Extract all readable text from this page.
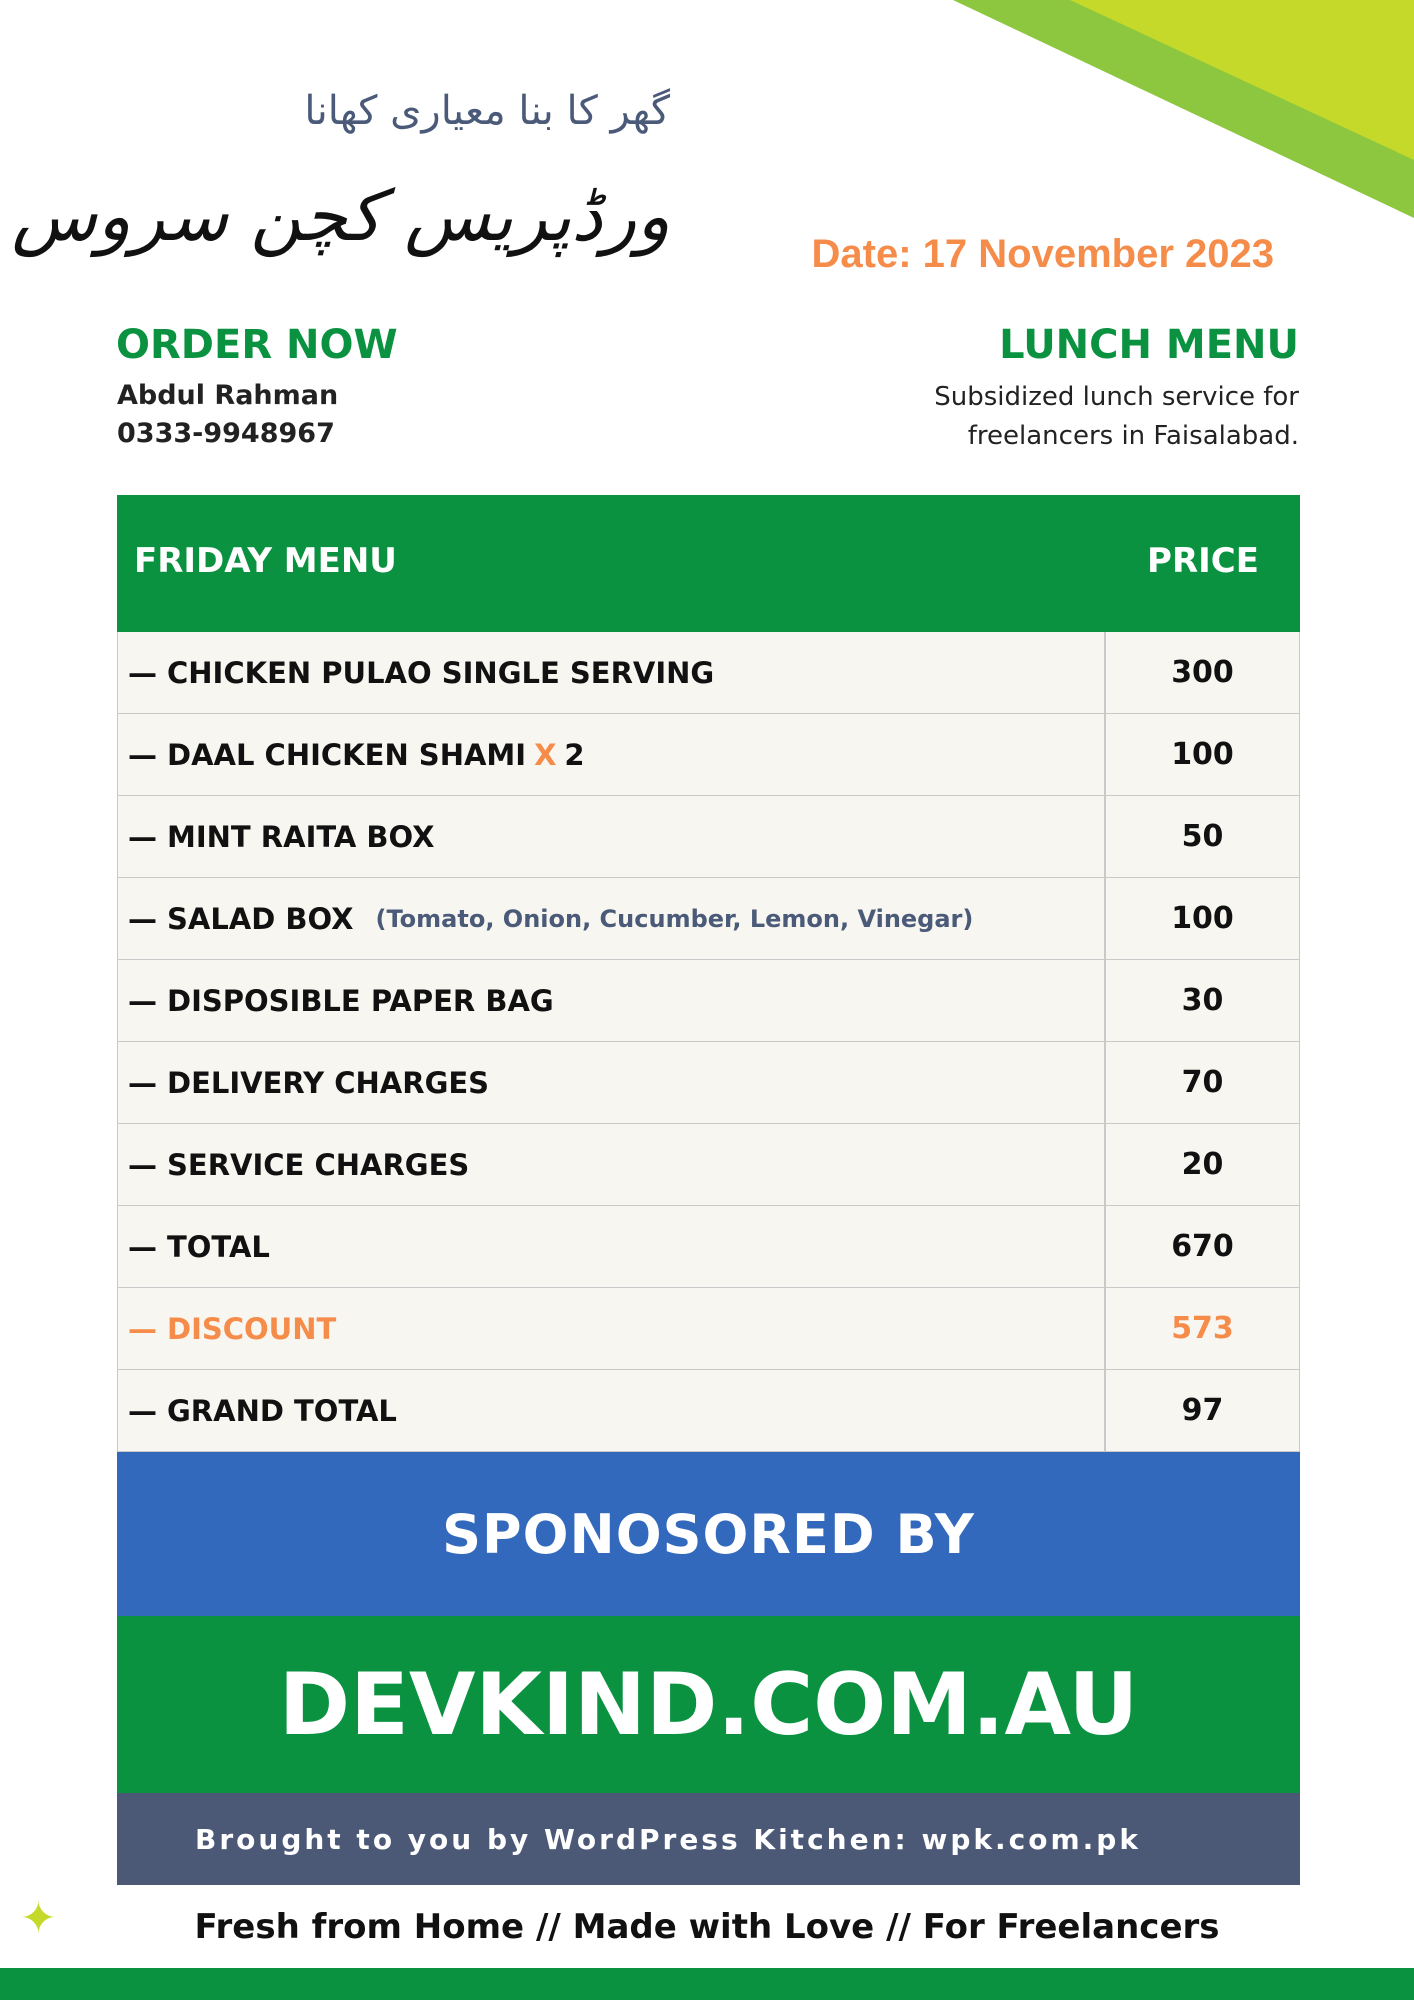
گھر کا بنا معیاری کھانا
ورڈپریس کچن سروس	Date: 17 November 2023
ORDER NOW
Abdul Rahman
0333-9948967
LUNCH MENU
Subsidized lunch service for
freelancers in Faisalabad.
FRIDAY MENU	PRICE
— CHICKEN PULAO SINGLE SERVING	300
— DAAL CHICKEN SHAMI X 2	100
— MINT RAITA BOX	50
— SALAD BOX (Tomato, Onion, Cucumber, Lemon, Vinegar)	100
— DISPOSIBLE PAPER BAG	30
— DELIVERY CHARGES	70
— SERVICE CHARGES	20
— TOTAL	670
— DISCOUNT	573
— GRAND TOTAL	97
SPONOSORED BY
DEVKIND.COM.AU
Brought to you by WordPress Kitchen: wpk.com.pk
✦	Fresh from Home // Made with Love // For Freelancers
